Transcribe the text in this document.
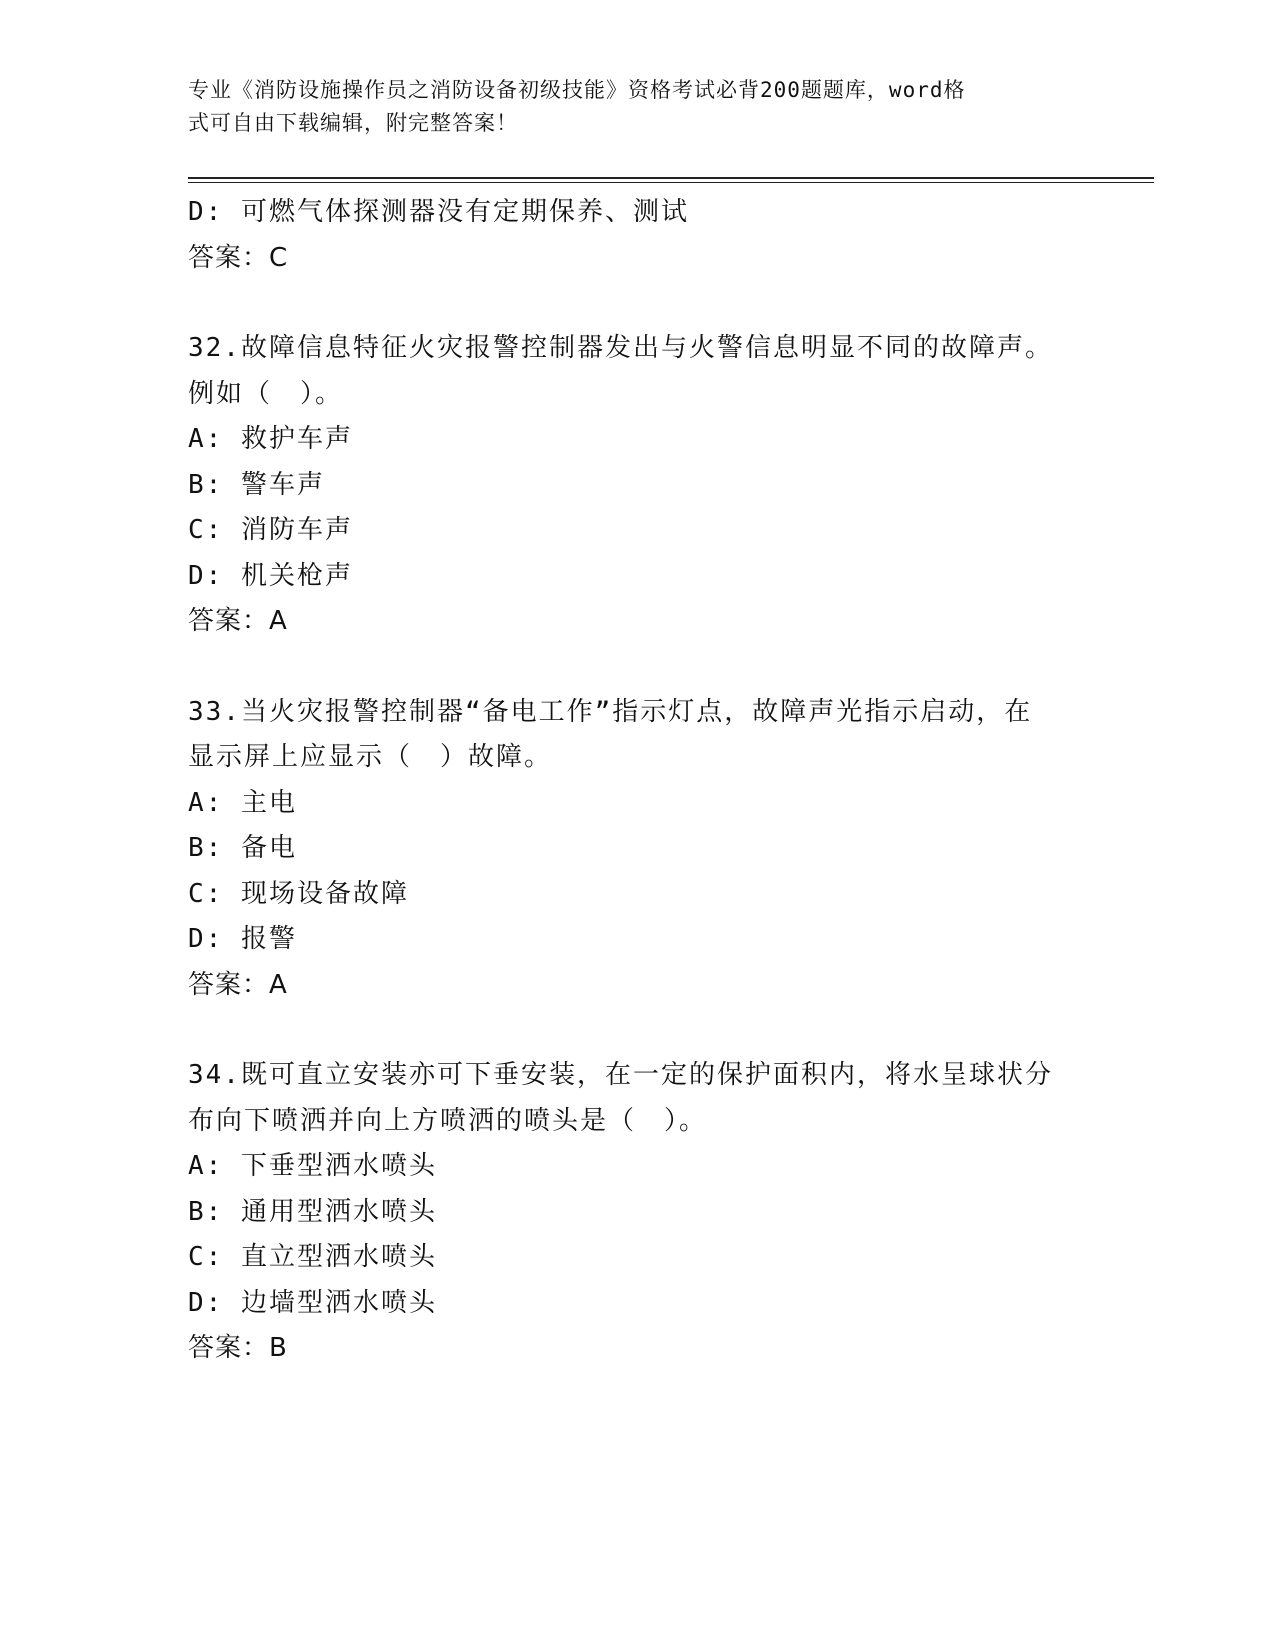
专业《消防设施操作员之消防设备初级技能》资格考试必背200题题库，word格
式可自由下载编辑，附完整答案！
D: 可燃气体探测器没有定期保养、测试
答案：C
32.故障信息特征火灾报警控制器发出与火警信息明显不同的故障声。
例如（　）。
A: 救护车声
B: 警车声
C: 消防车声
D: 机关枪声
答案：A
33.当火灾报警控制器“备电工作”指示灯点，故障声光指示启动，在
显示屏上应显示（　）故障。
A: 主电
B: 备电
C: 现场设备故障
D: 报警
答案：A
34.既可直立安装亦可下垂安装，在一定的保护面积内，将水呈球状分
布向下喷洒并向上方喷洒的喷头是（　）。
A: 下垂型洒水喷头
B: 通用型洒水喷头
C: 直立型洒水喷头
D: 边墙型洒水喷头
答案：B
